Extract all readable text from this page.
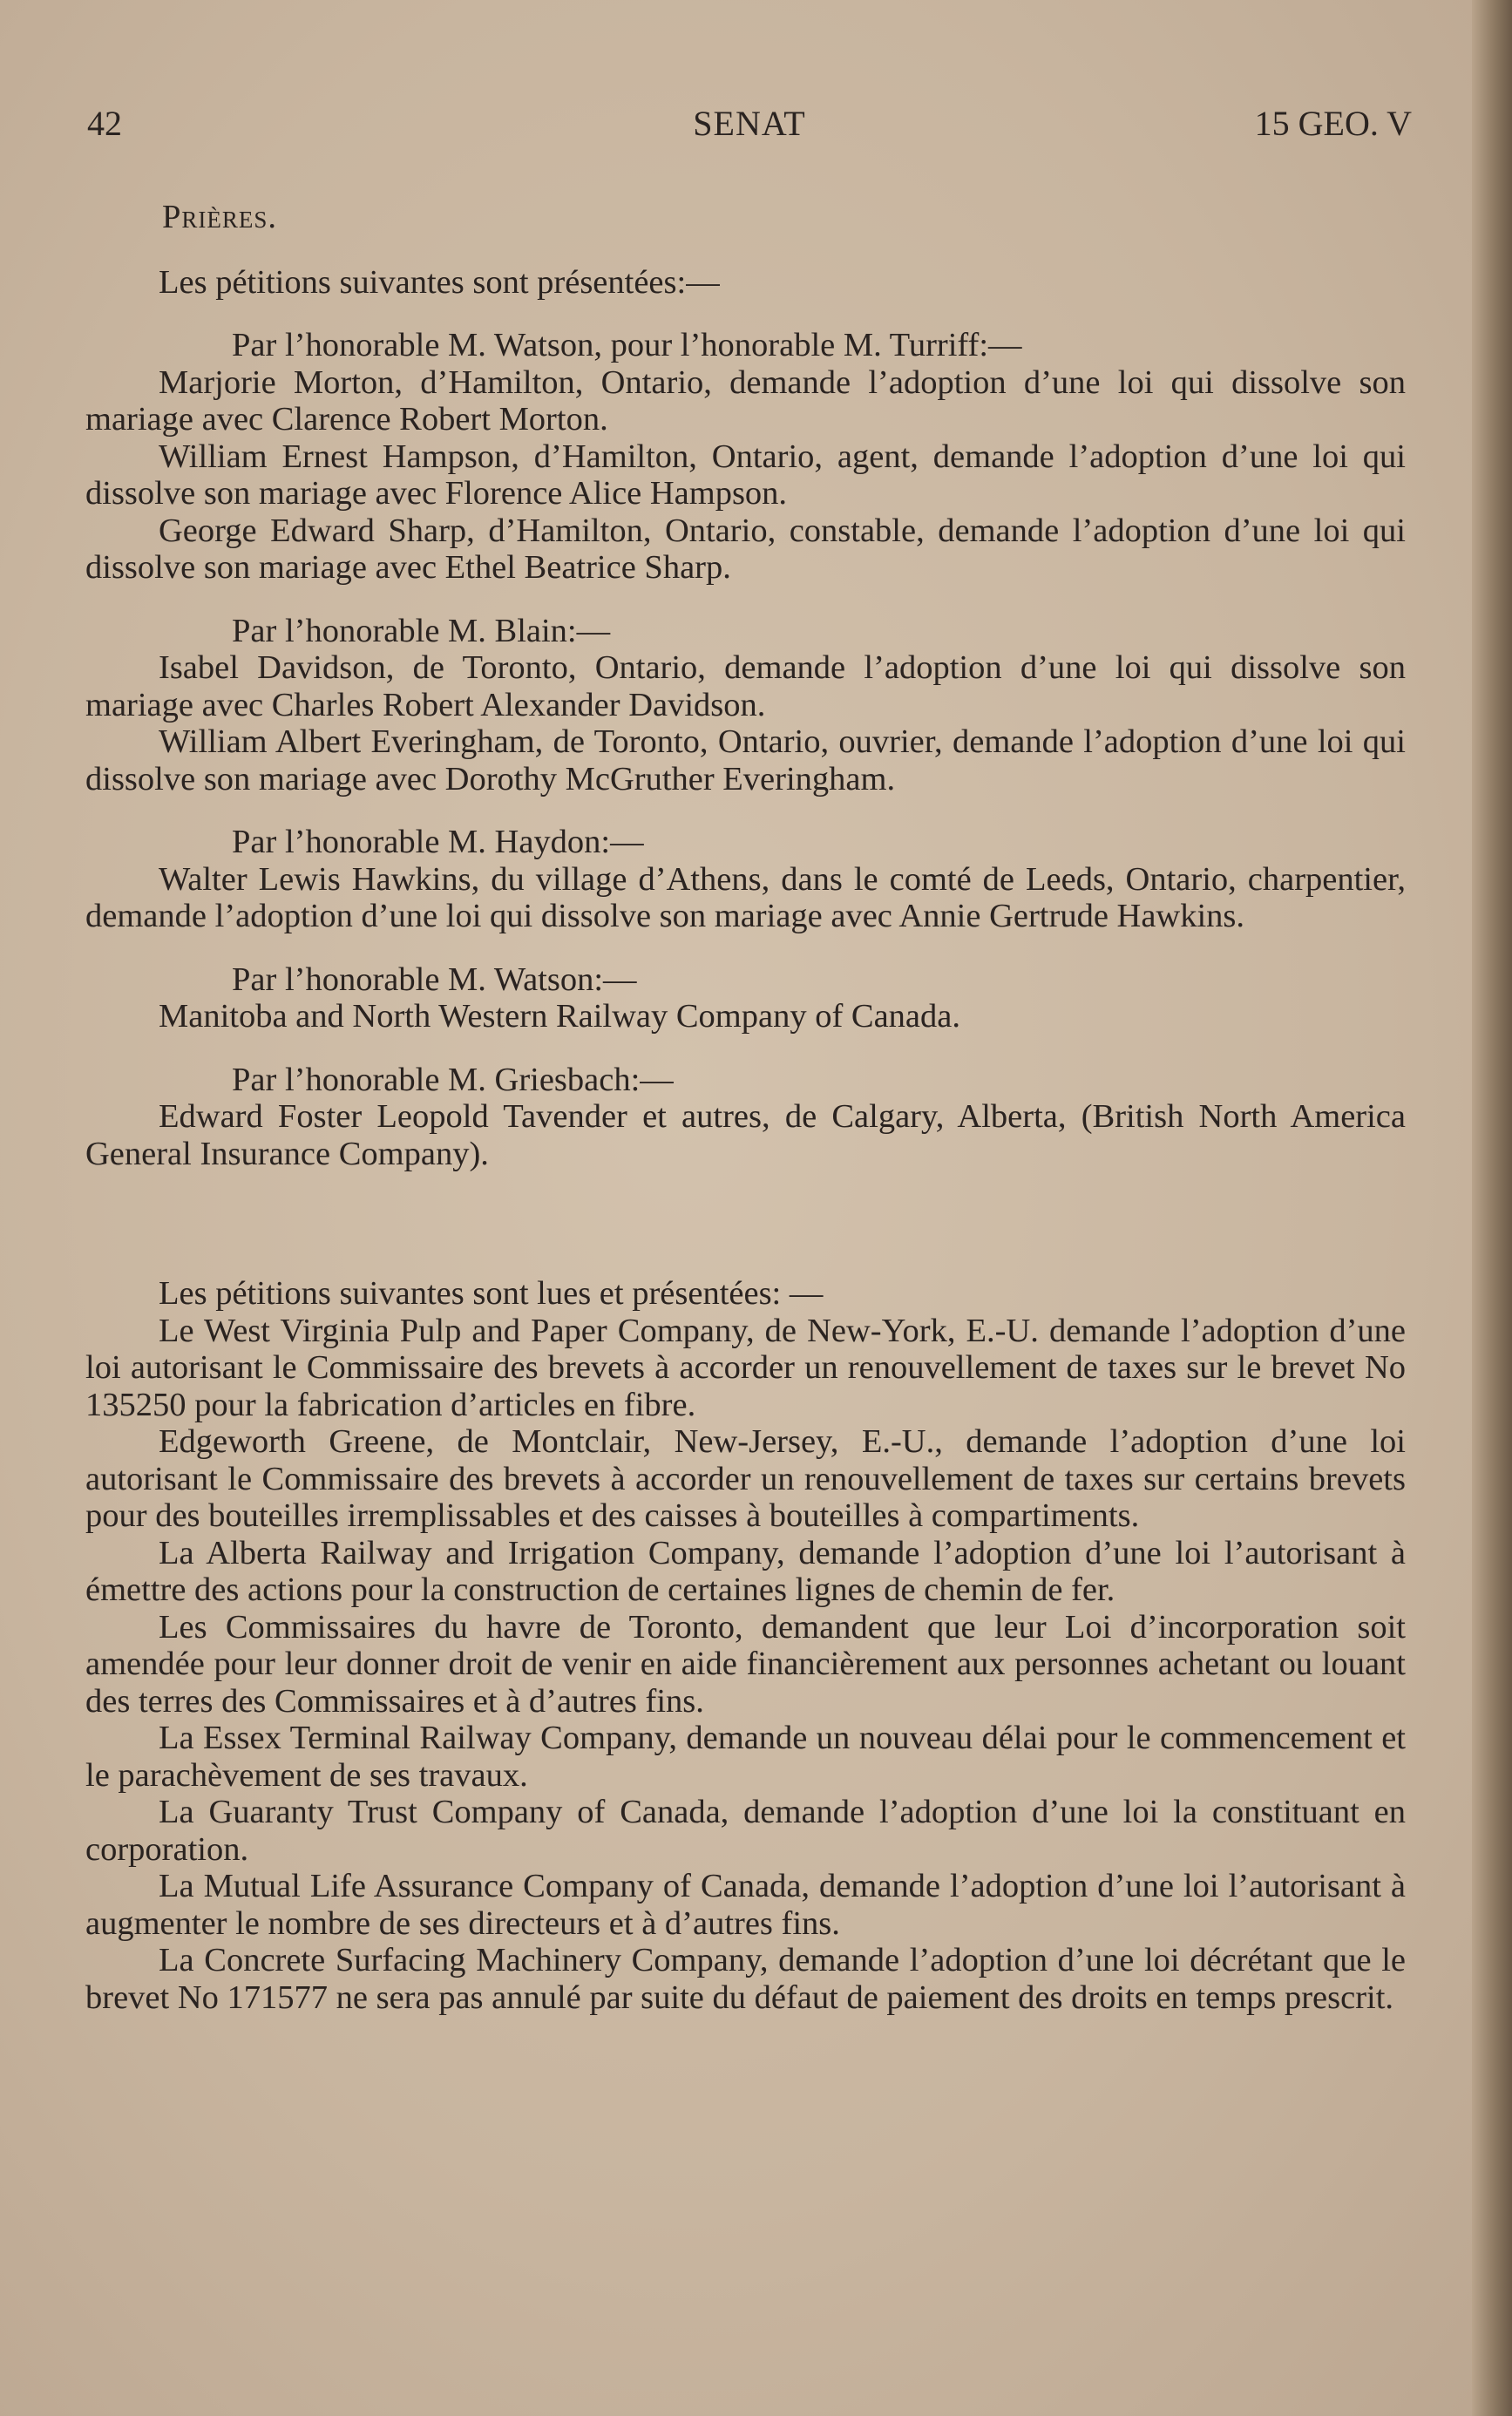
42	SENAT	15 GEO. V

Prières.

Les pétitions suivantes sont présentées:—

Par l’honorable M. Watson, pour l’honorable M. Turriff:—

Marjorie Morton, d’Hamilton, Ontario, demande l’adoption d’une loi qui dissolve son mariage avec Clarence Robert Morton.

William Ernest Hampson, d’Hamilton, Ontario, agent, demande l’adoption d’une loi qui dissolve son mariage avec Florence Alice Hampson.

George Edward Sharp, d’Hamilton, Ontario, constable, demande l’adoption d’une loi qui dissolve son mariage avec Ethel Beatrice Sharp.

Par l’honorable M. Blain:—

Isabel Davidson, de Toronto, Ontario, demande l’adoption d’une loi qui dissolve son mariage avec Charles Robert Alexander Davidson.

William Albert Everingham, de Toronto, Ontario, ouvrier, demande l’adoption d’une loi qui dissolve son mariage avec Dorothy McGruther Everingham.

Par l’honorable M. Haydon:—

Walter Lewis Hawkins, du village d’Athens, dans le comté de Leeds, Ontario, charpentier, demande l’adoption d’une loi qui dissolve son mariage avec Annie Gertrude Hawkins.

Par l’honorable M. Watson:—

Manitoba and North Western Railway Company of Canada.

Par l’honorable M. Griesbach:—

Edward Foster Leopold Tavender et autres, de Calgary, Alberta, (British North America General Insurance Company).

Les pétitions suivantes sont lues et présentées: —

Le West Virginia Pulp and Paper Company, de New-York, E.-U. demande l’adoption d’une loi autorisant le Commissaire des brevets à accorder un renouvellement de taxes sur le brevet No 135250 pour la fabrication d’articles en fibre.

Edgeworth Greene, de Montclair, New-Jersey, E.-U., demande l’adoption d’une loi autorisant le Commissaire des brevets à accorder un renouvellement de taxes sur certains brevets pour des bouteilles irremplissables et des caisses à bouteilles à compartiments.

La Alberta Railway and Irrigation Company, demande l’adoption d’une loi l’autorisant à émettre des actions pour la construction de certaines lignes de chemin de fer.

Les Commissaires du havre de Toronto, demandent que leur Loi d’incorporation soit amendée pour leur donner droit de venir en aide financièrement aux personnes achetant ou louant des terres des Commissaires et à d’autres fins.

La Essex Terminal Railway Company, demande un nouveau délai pour le commencement et le parachèvement de ses travaux.

La Guaranty Trust Company of Canada, demande l’adoption d’une loi la constituant en corporation.

La Mutual Life Assurance Company of Canada, demande l’adoption d’une loi l’autorisant à augmenter le nombre de ses directeurs et à d’autres fins.

La Concrete Surfacing Machinery Company, demande l’adoption d’une loi décrétant que le brevet No 171577 ne sera pas annulé par suite du défaut de paiement des droits en temps prescrit.
